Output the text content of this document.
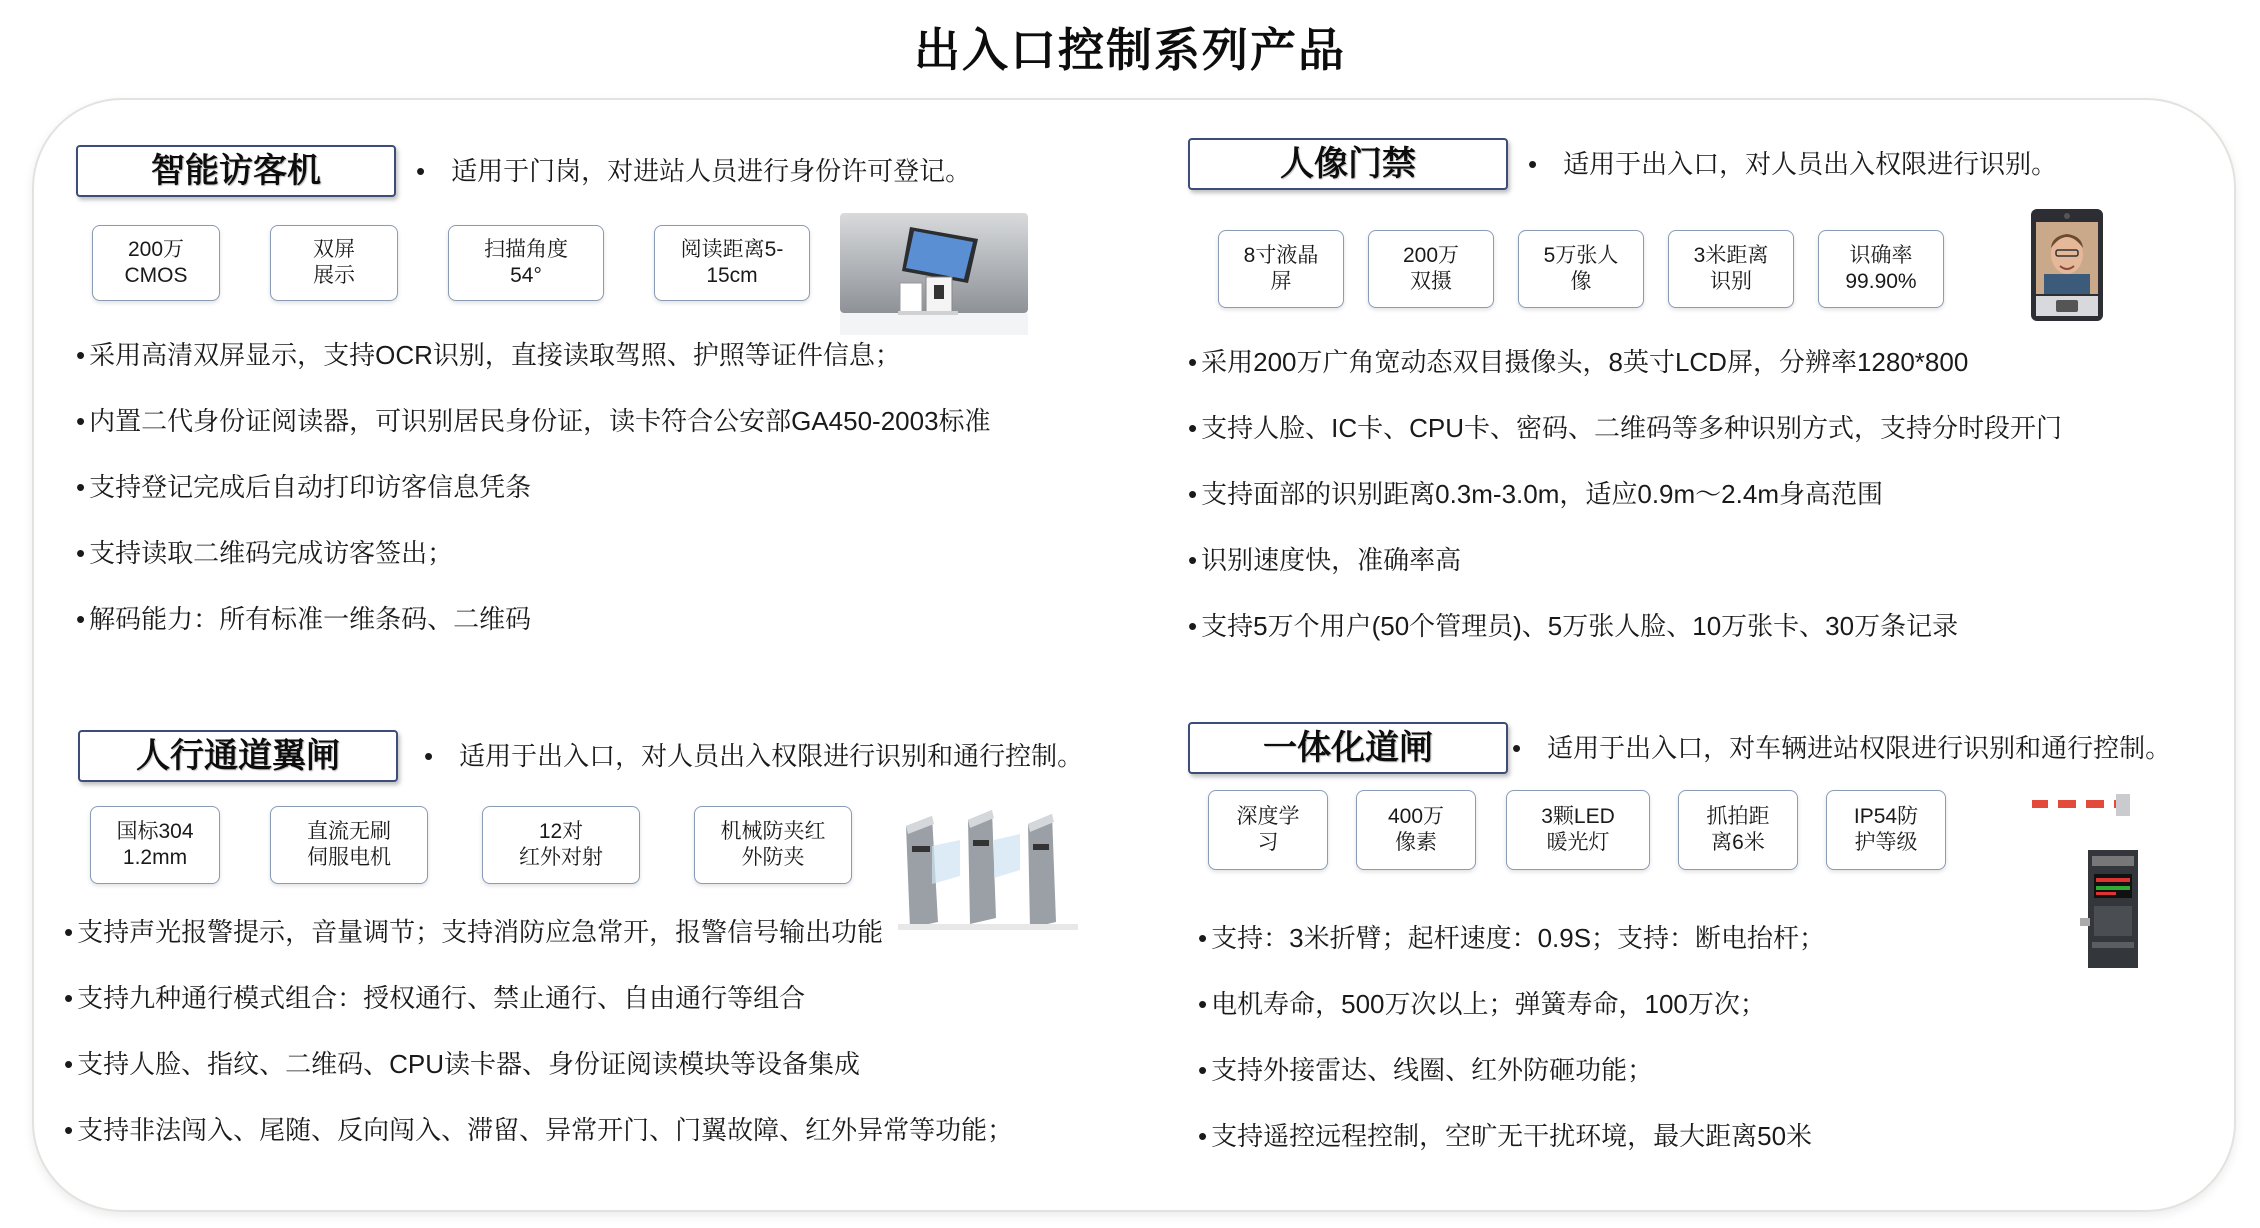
出入口控制系列产品
智能访客机	• 适用于门岗，对进站人员进行身份许可登记。
200万
CMOS
双屏
展示
扫描角度
54°
阅读距离5-
15cm
• 采用高清双屏显示，支持OCR识别，直接读取驾照、护照等证件信息；
• 内置二代身份证阅读器，可识别居民身份证，读卡符合公安部GA450-2003标准
• 支持登记完成后自动打印访客信息凭条
• 支持读取二维码完成访客签出；
• 解码能力：所有标准一维条码、二维码
人像门禁	• 适用于出入口，对人员出入权限进行识别。
8寸液晶
屏
200万
双摄
5万张人
像
3米距离
识别
识确率
99.90%
• 采用200万广角宽动态双目摄像头，8英寸LCD屏，分辨率1280*800
• 支持人脸、IC卡、CPU卡、密码、二维码等多种识别方式，支持分时段开门
• 支持面部的识别距离0.3m-3.0m，适应0.9m～2.4m身高范围
• 识别速度快，准确率高
• 支持5万个用户(50个管理员)、5万张人脸、10万张卡、30万条记录
人行通道翼闸	• 适用于出入口，对人员出入权限进行识别和通行控制。
国标304
1.2mm
直流无刷
伺服电机
12对
红外对射
机械防夹红
外防夹
• 支持声光报警提示，音量调节；支持消防应急常开，报警信号输出功能
• 支持九种通行模式组合：授权通行、禁止通行、自由通行等组合
• 支持人脸、指纹、二维码、CPU读卡器、身份证阅读模块等设备集成
• 支持非法闯入、尾随、反向闯入、滞留、异常开门、门翼故障、红外异常等功能；
一体化道闸	• 适用于出入口，对车辆进站权限进行识别和通行控制。
深度学
习
400万
像素
3颗LED
暖光灯
抓拍距
离6米
IP54防
护等级
• 支持：3米折臂；起杆速度：0.9S；支持：断电抬杆；
• 电机寿命，500万次以上；弹簧寿命，100万次；
• 支持外接雷达、线圈、红外防砸功能；
• 支持遥控远程控制，空旷无干扰环境，最大距离50米
